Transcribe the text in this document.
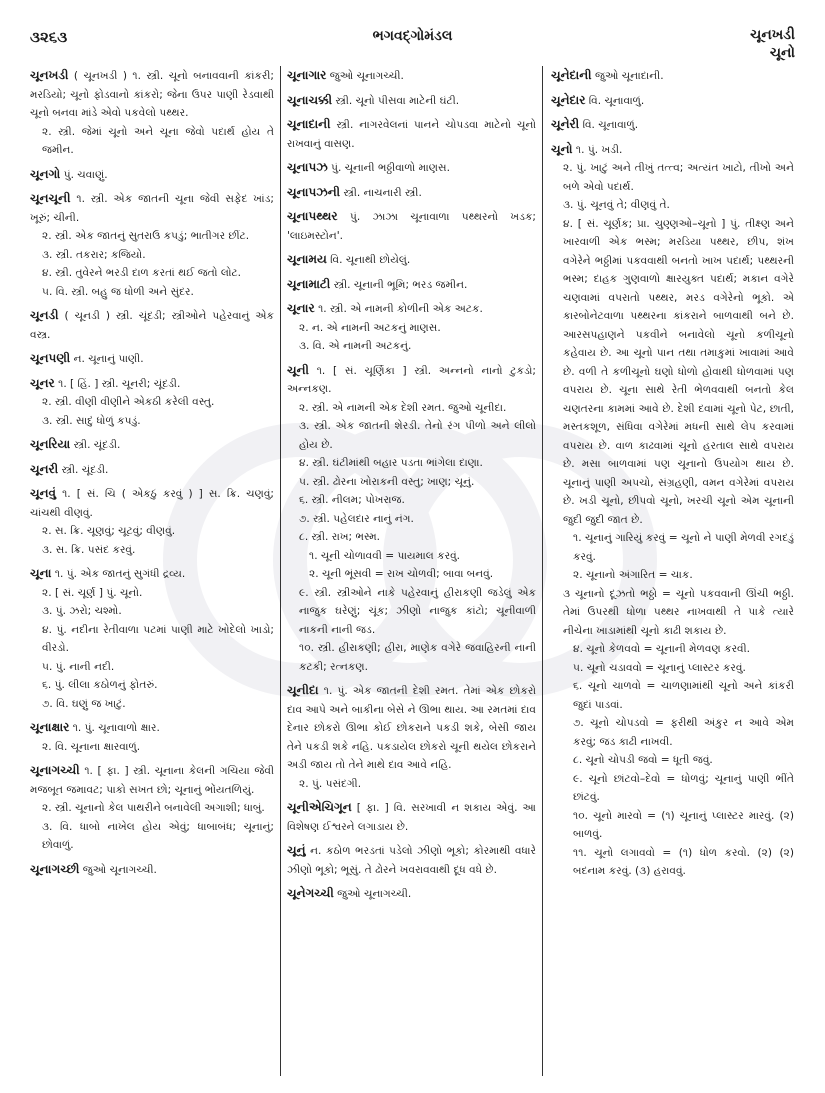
૩૨૬૩	ભગવદ્ગોમંડલ	ચૂનખડી
ચૂનો
ચૂનખડી ( ચૂનખડી ) ૧. સ્ત્રી. ચૂનો બનાવવાની કાંકરી; મરડિયો; ચૂનો ફોડવાનો કાંકરો; જેના ઉપર પાણી રેડવાથી ચૂનો બનવા માંડે એવો પકવેલો પથ્થર.
૨. સ્ત્રી. જેમાં ચૂનો અને ચૂના જેવો પદાર્થ હોય તે જમીન.
ચૂનગો પું. ચવાણું.
ચૂનચૂની ૧. સ્ત્રી. એક જાતની ચૂના જેવી સફેદ ખાંડ; ખૂરું; ચીની.
૨. સ્ત્રી. એક જાતનું સુતરાઉ કપડું; ભાતીગર છીંટ.
૩. સ્ત્રી. તકરાર; કજિયો.
૪. સ્ત્રી. તુવેરને ભરડી દાળ કરતાં થઈ જતો લોટ.
૫. વિ. સ્ત્રી. બહુ જ ધોળી અને સુંદર.
ચૂનડી ( ચૂનડી ) સ્ત્રી. ચૂંદડી; સ્ત્રીઓને પહેરવાનું એક વસ્ત્ર.
ચૂનપણી ન. ચૂનાનું પાણી.
ચૂનર ૧. [ હિં. ] સ્ત્રી. ચૂનરી; ચૂંદડી.
૨. સ્ત્રી. વીણી વીણીને એકઠી કરેલી વસ્તુ.
૩. સ્ત્રી. સાદું ધોળું કપડું.
ચૂનરિયા સ્ત્રી. ચૂંદડી.
ચૂનરી સ્ત્રી. ચૂંદડી.
ચૂનવું ૧. [ સં. ચિ ( એકઠું કરવું ) ] સ. ક્રિ. ચણવું; ચાંચથી વીણવું.
૨. સ. ક્રિ. ચૂણવું; ચૂટવું; વીણવું.
૩. સ. ક્રિ. પસંદ કરવું.
ચૂના ૧. પું. એક જાતનું સુગંધી દ્રવ્ય.
૨. [ સં. ચૂર્ણ ] પું. ચૂનો.
૩. પું. ઝરો; ચશ્મો.
૪. પું. નદીના રેતીવાળા પટમાં પાણી માટે ખોદેલો ખાડો; વીરડો.
૫. પું. નાની નદી.
૬. પું. લીલા કઠોળનું ફોતરું.
૭. વિ. ઘણું જ ખાટું.
ચૂનાક્ષાર ૧. પું. ચૂનાવાળો ક્ષાર.
૨. વિ. ચૂનાના ક્ષારવાળું.
ચૂનાગચ્ચી ૧. [ ફા. ] સ્ત્રી. ચૂનાના કેલની ગચિયા જેવી મજબૂત જમાવટ; પાકો સખત છો; ચૂનાનું ભોંયતળિયું.
૨. સ્ત્રી. ચૂનાનો કેલ પાથરીને બનાવેલી અગાશી; ધાબું.
૩. વિ. ધાબો નાખેલ હોય એવું; ધાબાબંધ; ચૂનાનું; છોવાળું.
ચૂનાગચ્છી જુઓ ચૂનાગચ્ચી.
ચૂનાગાર જુઓ ચૂનાગચ્ચી.
ચૂનાચક્કી સ્ત્રી. ચૂનો પીસવા માટેની ઘંટી.
ચૂનાદાની સ્ત્રી. નાગરવેલનાં પાનને ચોપડવા માટેનો ચૂનો રાખવાનું વાસણ.
ચૂનાપઝ પું. ચૂનાની ભઠ્ઠીવાળો માણસ.
ચૂનાપઝની સ્ત્રી. નાચનારી સ્ત્રી.
ચૂનાપથ્થર પું. ઝાઝા ચૂનાવાળા પથ્થરનો ખડક; 'લાઇમસ્ટોન'.
ચૂનામય વિ. ચૂનાથી છોયેલું.
ચૂનામાટી સ્ત્રી. ચૂનાની ભૂમિ; ભરડ જમીન.
ચૂનાર ૧. સ્ત્રી. એ નામની કોળીની એક અટક.
૨. ન. એ નામની અટકનું માણસ.
૩. વિ. એ નામની અટકનું.
ચૂની ૧. [ સં. ચૂર્ણિકા ] સ્ત્રી. અન્નનો નાનો ટુકડો; અન્નકણ.
૨. સ્ત્રી. એ નામની એક દેશી રમત. જુઓ ચૂનીદા.
૩. સ્ત્રી. એક જાતની શેરડી. તેનો રંગ પીળો અને લીલો હોય છે.
૪. સ્ત્રી. ઘંટીમાંથી બહાર પડતા ભાંગેલા દાણા.
૫. સ્ત્રી. ઢોરના ખોરાકની વસ્તુ; ખાણ; ચૂનું.
૬. સ્ત્રી. નીલમ; પોખરાજ.
૭. સ્ત્રી. પહેલદાર નાનું નંગ.
૮. સ્ત્રી. રાખ; ભસ્મ.
૧. ચૂની ચોળાવવી = પાયમાલ કરવું.
૨. ચૂની ભૂંસવી = રાખ ચોળવી; બાવા બનવું.
૯. સ્ત્રી. સ્ત્રીઓને નાકે પહેરવાનું હીરાકણી જડેલું એક નાજુક ઘરેણું; ચૂંક; ઝીણો નાજુક કાંટો; ચૂનીવાળી નાકની નાની જડ.
૧૦. સ્ત્રી. હીરાકણી; હીરા, માણેક વગેરે જવાહિરની નાની કટકી; રત્નકણ.
ચૂનીદા ૧. પું. એક જાતની દેશી રમત. તેમાં એક છોકરો દાવ આપે અને બાકીના બેસે ને ઊભા થાય. આ રમતમાં દાવ દેનાર છોકરો ઊભા કોઈ છોકરાને પકડી શકે, બેસી જાય તેને પકડી શકે નહિ. પકડાયેલ છોકરો ચૂની થયેલ છોકરાને અડી જાય તો તેને માથે દાવ આવે નહિ.
૨. પું. પસંદગી.
ચૂનીએચિગૂન [ ફા. ] વિ. સરખાવી ન શકાય એવું. આ વિશેષણ ઈશ્વરને લગાડાય છે.
ચૂનું ન. કઠોળ ભરડતાં પડેલો ઝીણો ભૂકો; કોરમાથી વધારે ઝીણો ભૂકો; ભૂસું. તે ઢોરને ખવરાવવાથી દૂધ વધે છે.
ચૂનેગચ્ચી જુઓ ચૂનાગચ્ચી.
ચૂનેદાની જુઓ ચૂનાદાની.
ચૂનેદાર વિ. ચૂનાવાળું.
ચૂનેરી વિ. ચૂનાવાળું.
ચૂનો ૧. પું. ખડી.
૨. પું. ખાટું અને તીખું તત્ત્વ; અત્યંત ખાટો, તીખો અને બળે એવો પદાર્થ.
૩. પું. ચૂનવું તે; વીણવું તે.
૪. [ સં. ચૂર્ણક; પ્રા. ચુણ્ણઓ–ચૂનો ] પું. તીક્ષ્ણ અને ખારવાળી એક ભસ્મ; મરડિયા પથ્થર, છીપ, શંખ વગેરેને ભઠ્ઠીમાં પકવવાથી બનતો ખાખ પદાર્થ; પથ્થરની ભસ્મ; દાહક ગુણવાળો ક્ષારયુક્ત પદાર્થ; મકાન વગેરે ચણવામાં વપરાતો પથ્થર, મરડ વગેરેનો ભૂકો. એ કારબોનેટવાળા પથ્થરના કાંકરાને બાળવાથી બને છે. આરસપહાણને પકવીને બનાવેલો ચૂનો કળીચૂનો કહેવાય છે. આ ચૂનો પાન તથા તમાકુમાં ખાવામાં આવે છે. વળી તે કળીચૂનો ઘણો ધોળો હોવાથી ધોળવામાં પણ વપરાય છે. ચૂના સાથે રેતી ભેળવવાથી બનતો કેલ ચણતરના કામમાં આવે છે. દેશી દવામાં ચૂનો પેટ, છાતી, મસ્તકશૂળ, સંધિવા વગેરેમાં મધની સાથે લેપ કરવામાં વપરાય છે. વાળ કાઢવામાં ચૂનો હરતાલ સાથે વપરાય છે. મસા બાળવામાં પણ ચૂનાનો ઉપયોગ થાય છે. ચૂનાનું પાણી અપચો, સંગ્રહણી, વમન વગેરેમાં વપરાય છે. ખડી ચૂનો, છીપવો ચૂનો, ખરચી ચૂનો એમ ચૂનાની જુદી જુદી જાત છે.
૧. ચૂનાનું ગારિયું કરવું = ચૂનો ને પાણી મેળવી રગદડું કરવું.
૨. ચૂનાનો અંગારિત = ચાક.
૩ ચૂનાનો દૂઝતો ભઠ્ઠો = ચૂનો પકવવાની ઊંચી ભઠ્ઠી. તેમાં ઉપરથી ધોળા પથ્થર નાખવાથી તે પાકે ત્યારે નીચેના ખાડામાંથી ચૂનો કાઢી શકાય છે.
૪. ચૂનો કેળવવો = ચૂનાની મેળવણ કરવી.
૫. ચૂનો ચડાવવો = ચૂનાનું પ્લાસ્ટર કરવું.
૬. ચૂનો ચાળવો = ચાળણામાંથી ચૂનો અને કાંકરી જુદાં પાડવાં.
૭. ચૂનો ચોપડવો = ફરીથી અંકુર ન આવે એમ કરવું; જડ કાઢી નાખવી.
૮. ચૂનો ચોપડી જવો = ધૂતી જવું.
૯. ચૂનો છાંટવો–દેવો = ધોળવું; ચૂનાનું પાણી ભીંતે છાંટવું.
૧૦. ચૂનો મારવો = (૧) ચૂનાનું પ્લાસ્ટર મારવું. (૨) બાળવું.
૧૧. ચૂનો લગાવવો = (૧) ધોળ કરવો. (૨) (૨) બદનામ કરવું. (૩) હરાવવું.
